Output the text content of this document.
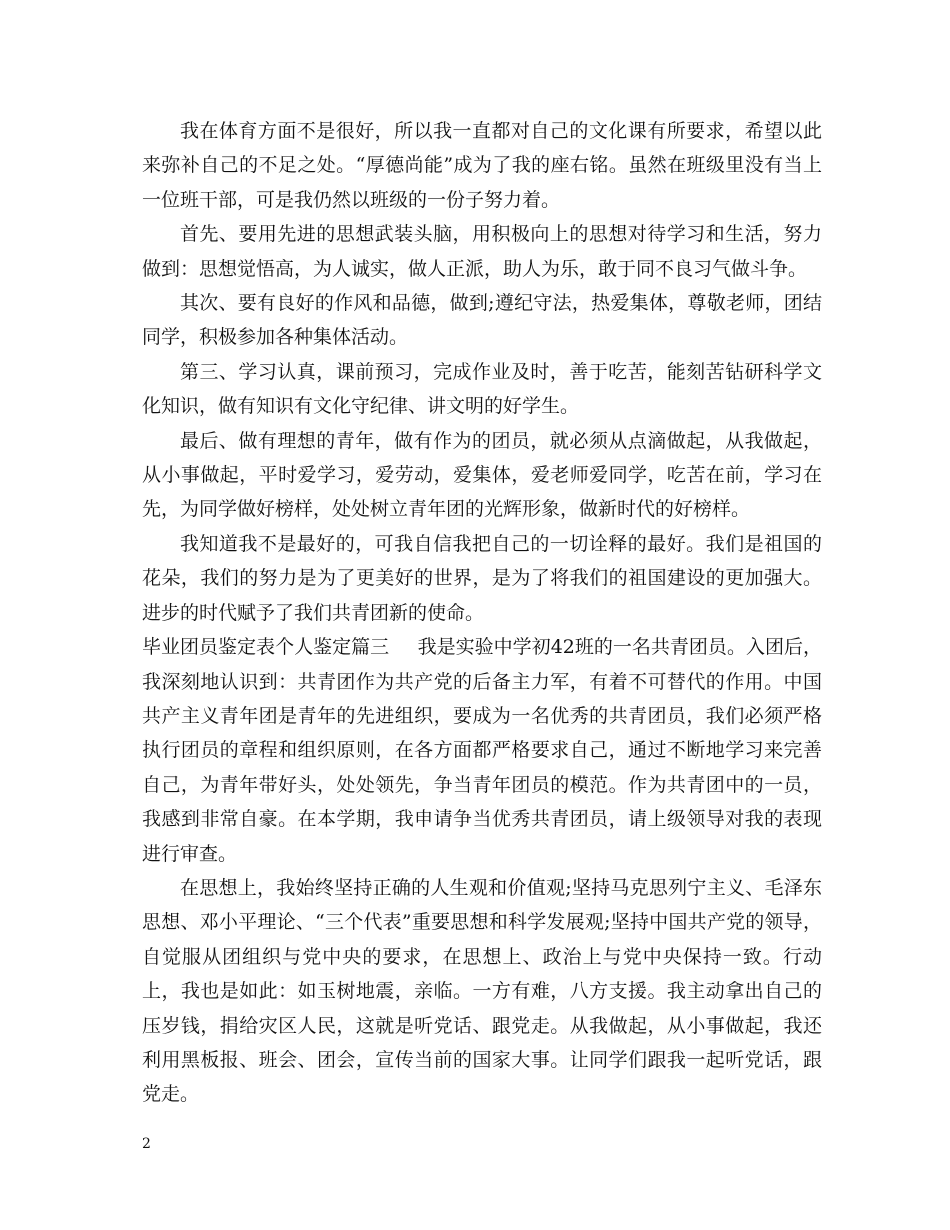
我在体育方面不是很好，所以我一直都对自己的文化课有所要求，希望以此来弥补自己的不足之处。“厚德尚能”成为了我的座右铭。虽然在班级里没有当上一位班干部，可是我仍然以班级的一份子努力着。

首先、要用先进的思想武装头脑，用积极向上的思想对待学习和生活，努力做到：思想觉悟高，为人诚实，做人正派，助人为乐，敢于同不良习气做斗争。

其次、要有良好的作风和品德，做到;遵纪守法，热爱集体，尊敬老师，团结同学，积极参加各种集体活动。

第三、学习认真，课前预习，完成作业及时，善于吃苦，能刻苦钻研科学文化知识，做有知识有文化守纪律、讲文明的好学生。

最后、做有理想的青年，做有作为的团员，就必须从点滴做起，从我做起，从小事做起，平时爱学习，爱劳动，爱集体，爱老师爱同学，吃苦在前，学习在先，为同学做好榜样，处处树立青年团的光辉形象，做新时代的好榜样。

我知道我不是最好的，可我自信我把自己的一切诠释的最好。我们是祖国的花朵，我们的努力是为了更美好的世界，是为了将我们的祖国建设的更加强大。进步的时代赋予了我们共青团新的使命。

毕业团员鉴定表个人鉴定篇三 我是实验中学初42班的一名共青团员。入团后，我深刻地认识到：共青团作为共产党的后备主力军，有着不可替代的作用。中国共产主义青年团是青年的先进组织，要成为一名优秀的共青团员，我们必须严格执行团员的章程和组织原则，在各方面都严格要求自己，通过不断地学习来完善自己，为青年带好头，处处领先，争当青年团员的模范。作为共青团中的一员，我感到非常自豪。在本学期，我申请争当优秀共青团员，请上级领导对我的表现进行审查。

在思想上，我始终坚持正确的人生观和价值观;坚持马克思列宁主义、毛泽东思想、邓小平理论、“三个代表”重要思想和科学发展观;坚持中国共产党的领导，自觉服从团组织与党中央的要求，在思想上、政治上与党中央保持一致。行动上，我也是如此：如玉树地震，亲临。一方有难，八方支援。我主动拿出自己的压岁钱，捐给灾区人民，这就是听党话、跟党走。从我做起，从小事做起，我还利用黑板报、班会、团会，宣传当前的国家大事。让同学们跟我一起听党话，跟党走。

2
